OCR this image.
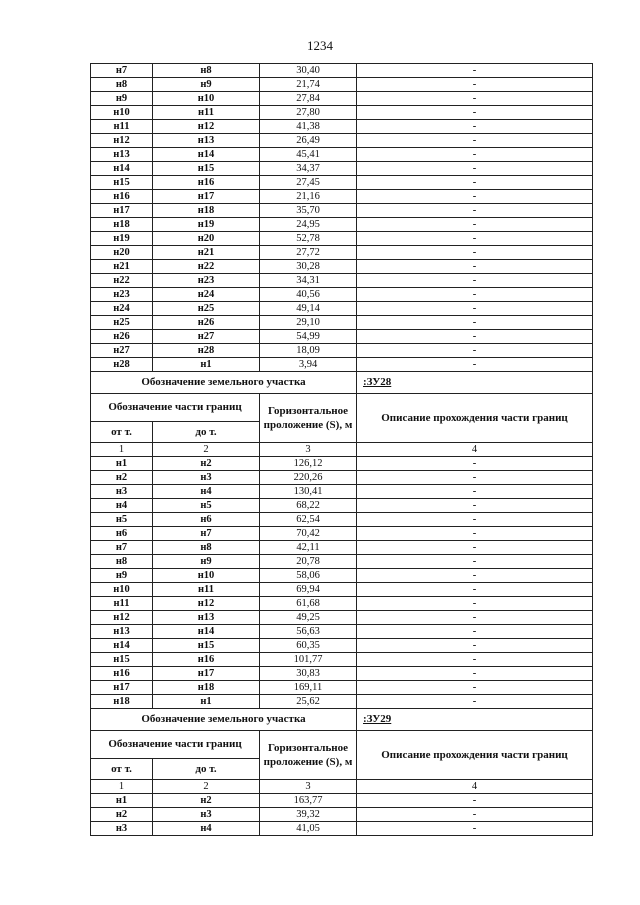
1234
н7	н8	30,40	-
н8	н9	21,74	-
н9	н10	27,84	-
н10	н11	27,80	-
н11	н12	41,38	-
н12	н13	26,49	-
н13	н14	45,41	-
н14	н15	34,37	-
н15	н16	27,45	-
н16	н17	21,16	-
н17	н18	35,70	-
н18	н19	24,95	-
н19	н20	52,78	-
н20	н21	27,72	-
н21	н22	30,28	-
н22	н23	34,31	-
н23	н24	40,56	-
н24	н25	49,14	-
н25	н26	29,10	-
н26	н27	54,99	-
н27	н28	18,09	-
н28	н1	3,94	-
Обозначение земельного участка			:ЗУ28
Обозначение части границ		Горизонтальное проложение (S), м	Описание прохождения части границ
от т.	до т.		
1	2	3	4
н1	н2	126,12	-
н2	н3	220,26	-
н3	н4	130,41	-
н4	н5	68,22	-
н5	н6	62,54	-
н6	н7	70,42	-
н7	н8	42,11	-
н8	н9	20,78	-
н9	н10	58,06	-
н10	н11	69,94	-
н11	н12	61,68	-
н12	н13	49,25	-
н13	н14	56,63	-
н14	н15	60,35	-
н15	н16	101,77	-
н16	н17	30,83	-
н17	н18	169,11	-
н18	н1	25,62	-
Обозначение земельного участка			:ЗУ29
Обозначение части границ		Горизонтальное проложение (S), м	Описание прохождения части границ
от т.	до т.		
1	2	3	4
н1	н2	163,77	-
н2	н3	39,32	-
н3	н4	41,05	-
